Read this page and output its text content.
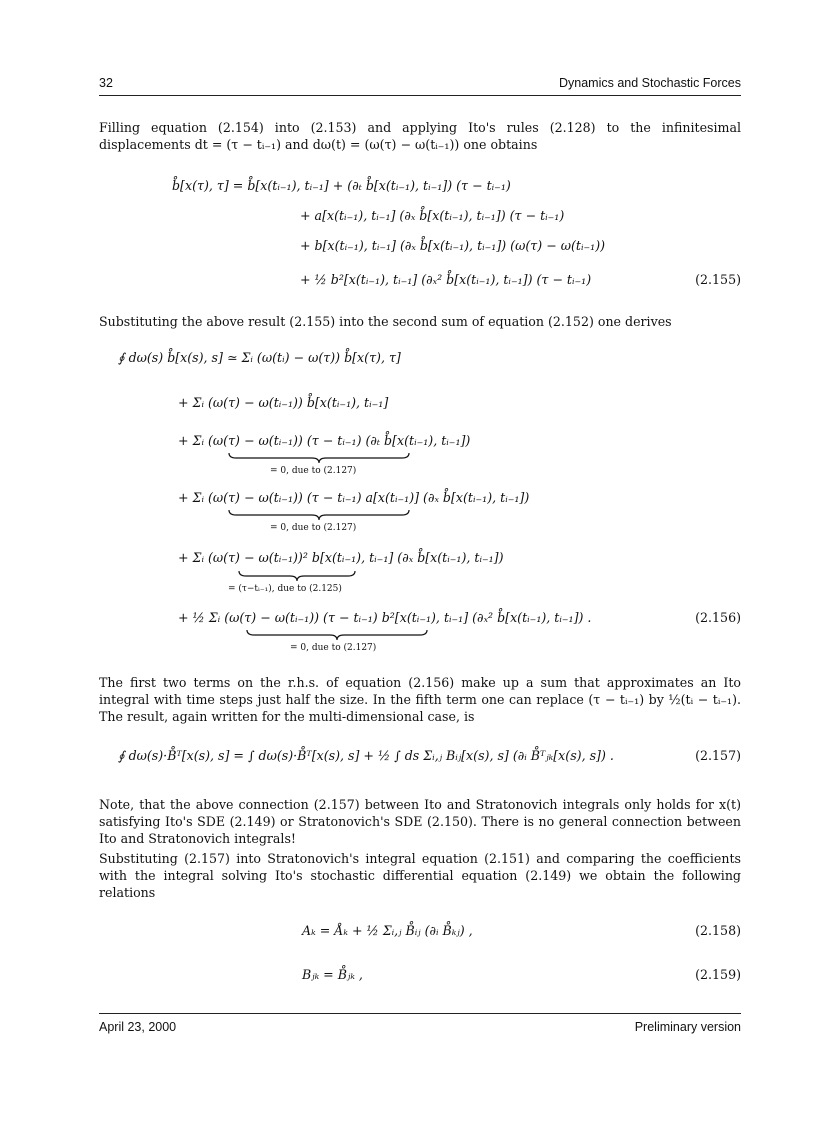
32	Dynamics and Stochastic Forces
Filling equation (2.154) into (2.153) and applying Ito's rules (2.128) to the infinitesimal displacements dt = (τ − tᵢ₋₁) and dω(t) = (ω(τ) − ω(tᵢ₋₁)) one obtains
b̊[x(τ), τ] = b̊[x(tᵢ₋₁), tᵢ₋₁] + (∂ₜ b̊[x(tᵢ₋₁), tᵢ₋₁]) (τ − tᵢ₋₁)
+ a[x(tᵢ₋₁), tᵢ₋₁] (∂ₓ b̊[x(tᵢ₋₁), tᵢ₋₁]) (τ − tᵢ₋₁)
+ b[x(tᵢ₋₁), tᵢ₋₁] (∂ₓ b̊[x(tᵢ₋₁), tᵢ₋₁]) (ω(τ) − ω(tᵢ₋₁))
+ ½ b²[x(tᵢ₋₁), tᵢ₋₁] (∂ₓ² b̊[x(tᵢ₋₁), tᵢ₋₁]) (τ − tᵢ₋₁)	(2.155)
Substituting the above result (2.155) into the second sum of equation (2.152) one derives
∮ dω(s) b̊[x(s), s] ≃ Σᵢ (ω(tᵢ) − ω(τ)) b̊[x(τ), τ]
+ Σᵢ (ω(τ) − ω(tᵢ₋₁)) b̊[x(tᵢ₋₁), tᵢ₋₁]
+ Σᵢ (ω(τ) − ω(tᵢ₋₁)) (τ − tᵢ₋₁) (∂ₜ b̊[x(tᵢ₋₁), tᵢ₋₁])
= 0, due to (2.127)
+ Σᵢ (ω(τ) − ω(tᵢ₋₁)) (τ − tᵢ₋₁) a[x(tᵢ₋₁)] (∂ₓ b̊[x(tᵢ₋₁), tᵢ₋₁])
= 0, due to (2.127)
+ Σᵢ (ω(τ) − ω(tᵢ₋₁))² b[x(tᵢ₋₁), tᵢ₋₁] (∂ₓ b̊[x(tᵢ₋₁), tᵢ₋₁])
= (τ−tᵢ₋₁), due to (2.125)
+ ½ Σᵢ (ω(τ) − ω(tᵢ₋₁)) (τ − tᵢ₋₁) b²[x(tᵢ₋₁), tᵢ₋₁] (∂ₓ² b̊[x(tᵢ₋₁), tᵢ₋₁]) .
= 0, due to (2.127)
(2.156)
The first two terms on the r.h.s. of equation (2.156) make up a sum that approximates an Ito integral with time steps just half the size. In the fifth term one can replace (τ − tᵢ₋₁) by ½(tᵢ − tᵢ₋₁). The result, again written for the multi-dimensional case, is
∮ dω(s)·B̊ᵀ[x(s), s] = ∫ dω(s)·B̊ᵀ[x(s), s] + ½ ∫ ds Σᵢ,ⱼ Bᵢⱼ[x(s), s] (∂ᵢ B̊ᵀⱼₖ[x(s), s]) .	(2.157)
Note, that the above connection (2.157) between Ito and Stratonovich integrals only holds for x(t) satisfying Ito's SDE (2.149) or Stratonovich's SDE (2.150). There is no general connection between Ito and Stratonovich integrals!
Substituting (2.157) into Stratonovich's integral equation (2.151) and comparing the coefficients with the integral solving Ito's stochastic differential equation (2.149) we obtain the following relations
Aₖ = Åₖ + ½ Σᵢ,ⱼ B̊ᵢⱼ (∂ᵢ B̊ₖⱼ) ,	(2.158)
Bⱼₖ = B̊ⱼₖ ,	(2.159)
April 23, 2000	Preliminary version
